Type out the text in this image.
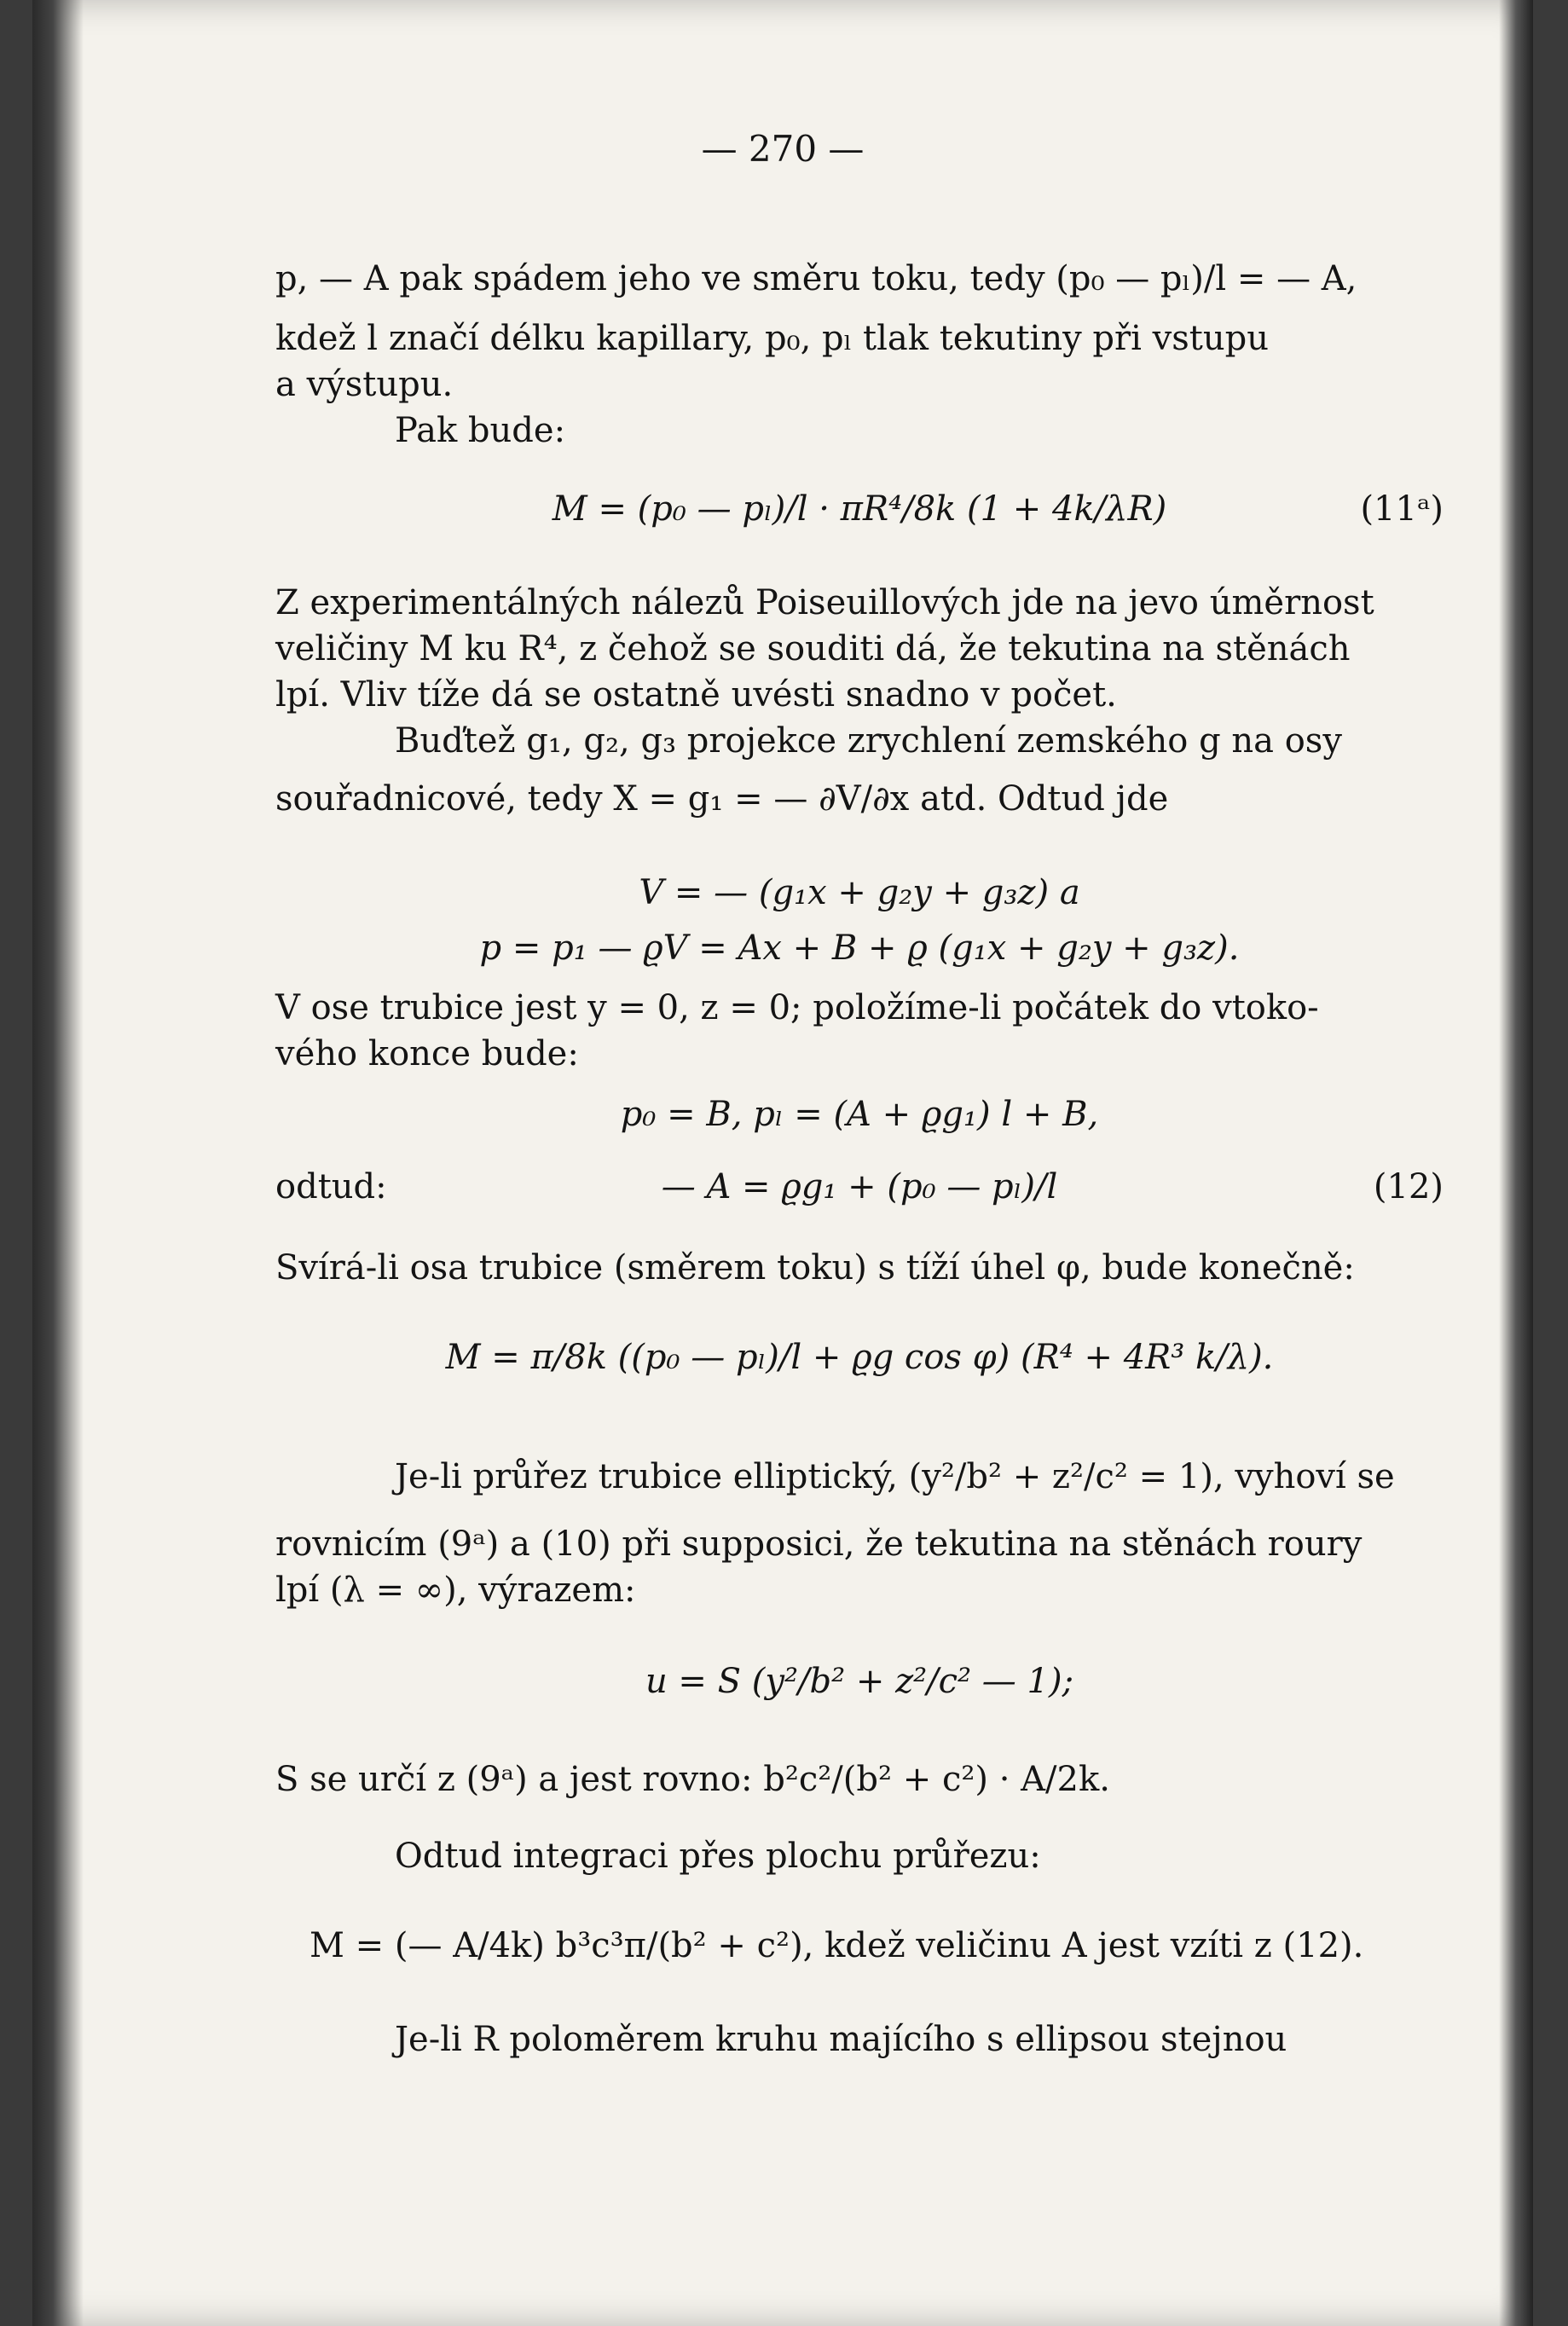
— 270 —
p, — A pak spádem jeho ve směru toku, tedy (p₀ — pₗ)/l = — A,
kdež l značí délku kapillary, p₀, pₗ tlak tekutiny při vstupu
a výstupu.
Pak bude:
M = (p₀ — pₗ)/l · πR⁴/8k (1 + 4k/λR)	(11ᵃ)
Z experimentálných nálezů Poiseuillových jde na jevo úměrnost
veličiny M ku R⁴, z čehož se souditi dá, že tekutina na stěnách
lpí. Vliv tíže dá se ostatně uvésti snadno v počet.
Buďtež g₁, g₂, g₃ projekce zrychlení zemského g na osy
souřadnicové, tedy X = g₁ = — ∂V/∂x atd. Odtud jde
V = — (g₁x + g₂y + g₃z) a
p = p₁ — ϱV = Ax + B + ϱ (g₁x + g₂y + g₃z).
V ose trubice jest y = 0, z = 0; položíme-li počátek do vtoko-
vého konce bude:
p₀ = B, pₗ = (A + ϱg₁) l + B,
odtud:	— A = ϱg₁ + (p₀ — pₗ)/l	(12)
Svírá-li osa trubice (směrem toku) s tíží úhel φ, bude konečně:
M = π/8k ((p₀ — pₗ)/l + ϱg cos φ) (R⁴ + 4R³ k/λ).
Je-li průřez trubice elliptický, (y²/b² + z²/c² = 1), vyhoví se
rovnicím (9ᵃ) a (10) při supposici, že tekutina na stěnách roury
lpí (λ = ∞), výrazem:
u = S (y²/b² + z²/c² — 1);
S se určí z (9ᵃ) a jest rovno: b²c²/(b² + c²) · A/2k.
Odtud integraci přes plochu průřezu:
M = (— A/4k) b³c³π/(b² + c²), kdež veličinu A jest vzíti z (12).
Je-li R poloměrem kruhu majícího s ellipsou stejnou
